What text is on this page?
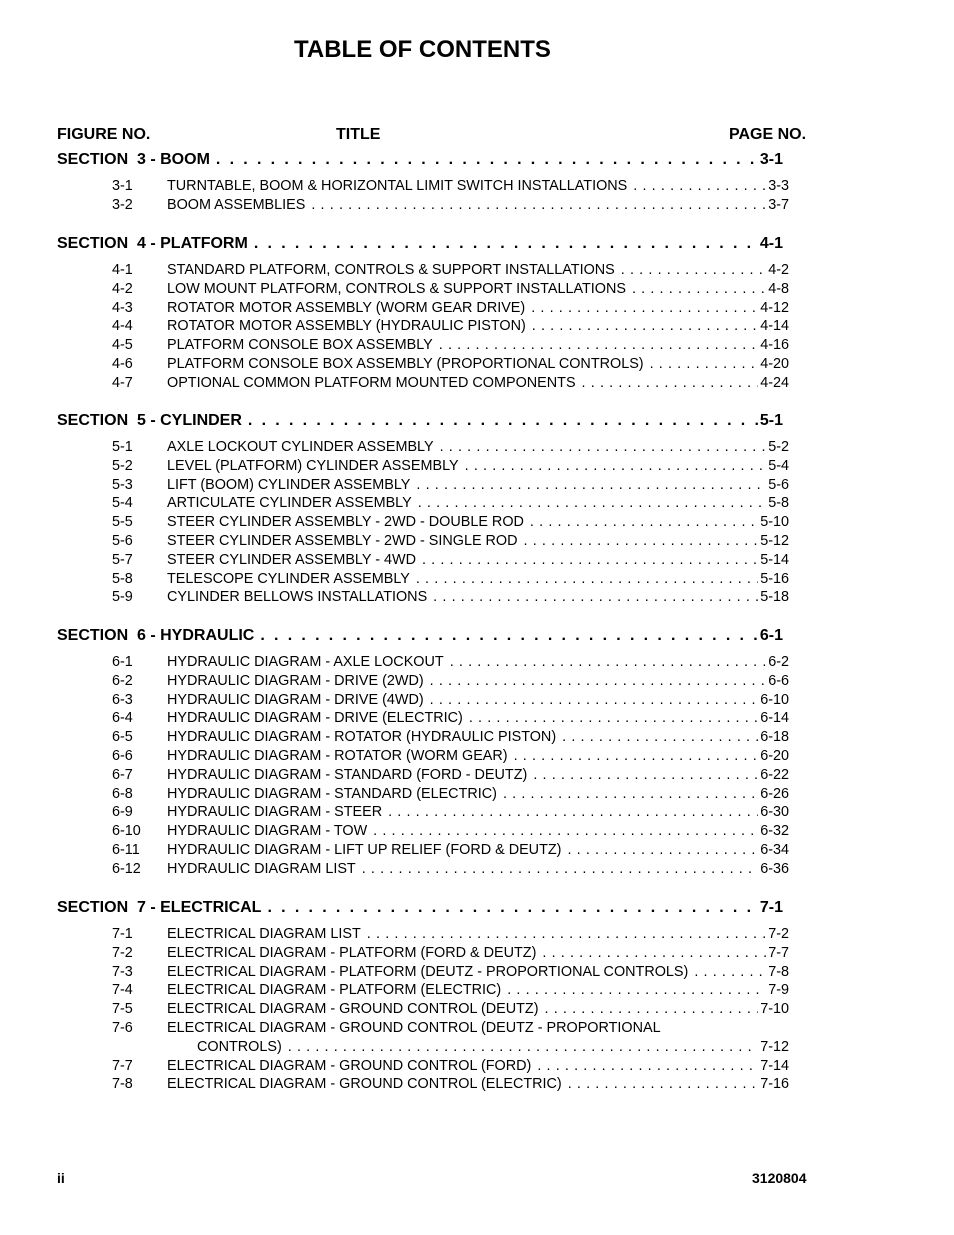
TABLE OF CONTENTS
FIGURE NO.	TITLE	PAGE NO.
SECTION  3 - BOOM . . .	3-1
3-1	TURNTABLE, BOOM & HORIZONTAL LIMIT SWITCH INSTALLATIONS . . .	3-3
3-2	BOOM ASSEMBLIES . . .	3-7
SECTION  4 - PLATFORM . . .	4-1
4-1	STANDARD PLATFORM, CONTROLS & SUPPORT INSTALLATIONS . . .	4-2
4-2	LOW MOUNT PLATFORM, CONTROLS & SUPPORT INSTALLATIONS . . .	4-8
4-3	ROTATOR MOTOR ASSEMBLY (WORM GEAR DRIVE) . . .	4-12
4-4	ROTATOR MOTOR ASSEMBLY (HYDRAULIC PISTON) . . .	4-14
4-5	PLATFORM CONSOLE BOX ASSEMBLY . . .	4-16
4-6	PLATFORM CONSOLE BOX ASSEMBLY (PROPORTIONAL CONTROLS) . . .	4-20
4-7	OPTIONAL COMMON PLATFORM MOUNTED COMPONENTS . . .	4-24
SECTION  5 - CYLINDER . . .	5-1
5-1	AXLE LOCKOUT CYLINDER ASSEMBLY . . .	5-2
5-2	LEVEL (PLATFORM) CYLINDER ASSEMBLY . . .	5-4
5-3	LIFT (BOOM) CYLINDER ASSEMBLY . . .	5-6
5-4	ARTICULATE CYLINDER ASSEMBLY . . .	5-8
5-5	STEER CYLINDER ASSEMBLY - 2WD - DOUBLE ROD . . .	5-10
5-6	STEER CYLINDER ASSEMBLY - 2WD - SINGLE ROD . . .	5-12
5-7	STEER CYLINDER ASSEMBLY - 4WD . . .	5-14
5-8	TELESCOPE CYLINDER ASSEMBLY . . .	5-16
5-9	CYLINDER BELLOWS INSTALLATIONS . . .	5-18
SECTION  6 - HYDRAULIC . . .	6-1
6-1	HYDRAULIC DIAGRAM - AXLE LOCKOUT . . .	6-2
6-2	HYDRAULIC DIAGRAM - DRIVE (2WD) . . .	6-6
6-3	HYDRAULIC DIAGRAM - DRIVE (4WD) . . .	6-10
6-4	HYDRAULIC DIAGRAM - DRIVE (ELECTRIC) . . .	6-14
6-5	HYDRAULIC DIAGRAM - ROTATOR (HYDRAULIC PISTON) . . .	6-18
6-6	HYDRAULIC DIAGRAM - ROTATOR (WORM GEAR) . . .	6-20
6-7	HYDRAULIC DIAGRAM - STANDARD (FORD - DEUTZ) . . .	6-22
6-8	HYDRAULIC DIAGRAM - STANDARD (ELECTRIC) . . .	6-26
6-9	HYDRAULIC DIAGRAM - STEER . . .	6-30
6-10	HYDRAULIC DIAGRAM - TOW . . .	6-32
6-11	HYDRAULIC DIAGRAM - LIFT UP RELIEF (FORD & DEUTZ) . . .	6-34
6-12	HYDRAULIC DIAGRAM LIST . . .	6-36
SECTION  7 - ELECTRICAL . . .	7-1
7-1	ELECTRICAL DIAGRAM LIST . . .	7-2
7-2	ELECTRICAL DIAGRAM - PLATFORM (FORD & DEUTZ) . . .	7-7
7-3	ELECTRICAL DIAGRAM - PLATFORM (DEUTZ - PROPORTIONAL CONTROLS) . . .	7-8
7-4	ELECTRICAL DIAGRAM - PLATFORM (ELECTRIC) . . .	7-9
7-5	ELECTRICAL DIAGRAM - GROUND CONTROL (DEUTZ) . . .	7-10
7-6	ELECTRICAL DIAGRAM - GROUND CONTROL (DEUTZ - PROPORTIONAL
CONTROLS) . . .	7-12
7-7	ELECTRICAL DIAGRAM - GROUND CONTROL (FORD) . . .	7-14
7-8	ELECTRICAL DIAGRAM - GROUND CONTROL (ELECTRIC) . . .	7-16
ii	3120804
